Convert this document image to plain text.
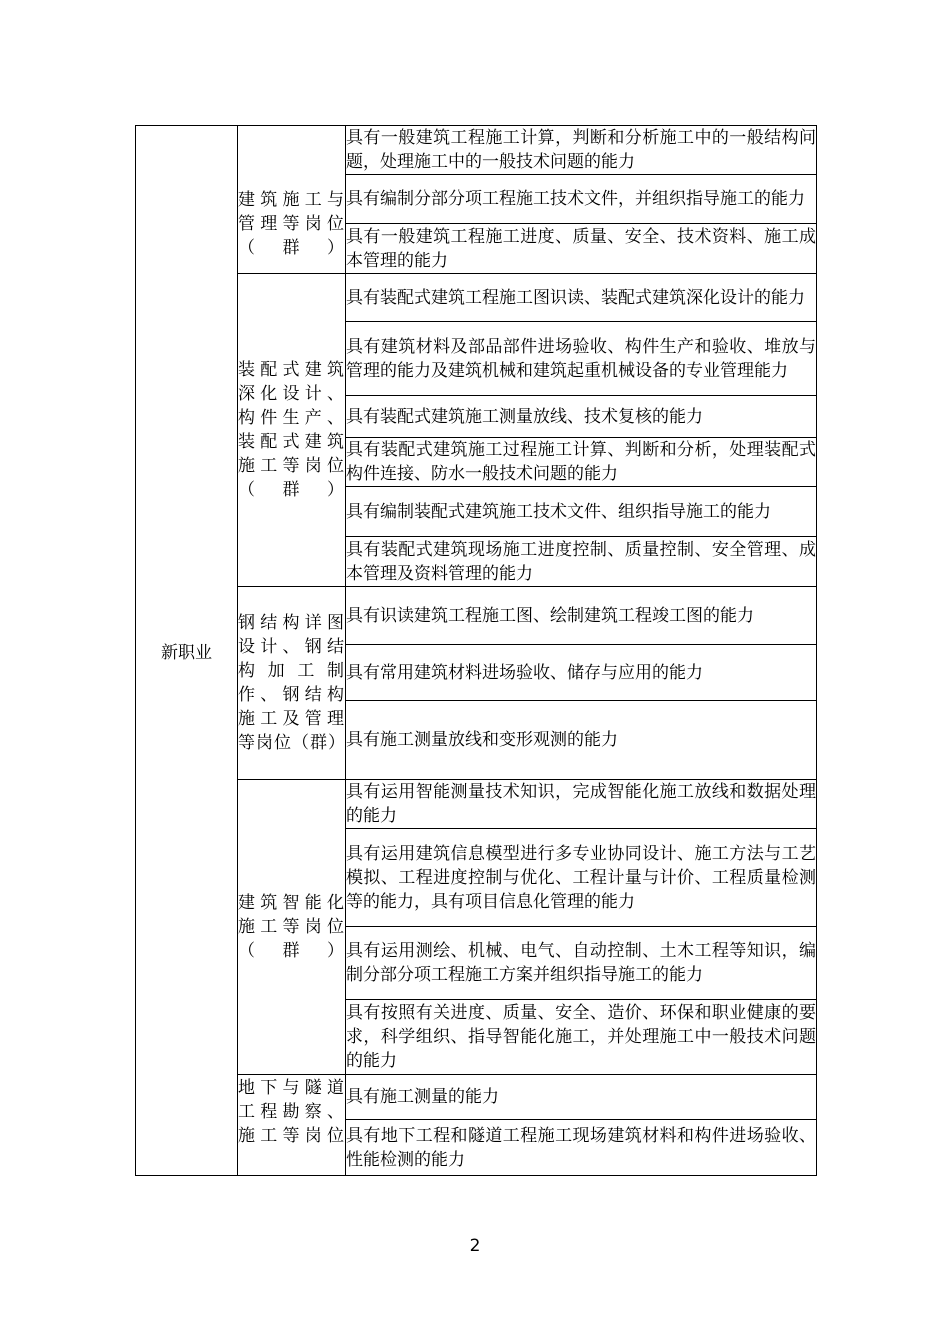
新职业	建筑施工与管理等岗位（群）	具有一般建筑工程施工计算，判断和分析施工中的一般结构问题，处理施工中的一般技术问题的能力
		具有编制分部分项工程施工技术文件，并组织指导施工的能力
		具有一般建筑工程施工进度、质量、安全、技术资料、施工成本管理的能力

	装配式建筑深化设计、构件生产、装配式建筑施工等岗位（群）	具有装配式建筑工程施工图识读、装配式建筑深化设计的能力
		具有建筑材料及部品部件进场验收、构件生产和验收、堆放与管理的能力及建筑机械和建筑起重机械设备的专业管理能力
		具有装配式建筑施工测量放线、技术复核的能力
		具有装配式建筑施工过程施工计算、判断和分析，处理装配式构件连接、防水一般技术问题的能力
		具有编制装配式建筑施工技术文件、组织指导施工的能力
		具有装配式建筑现场施工进度控制、质量控制、安全管理、成本管理及资料管理的能力

	钢结构详图设计、钢结构加工制作、钢结构施工及管理等岗位（群）	具有识读建筑工程施工图、绘制建筑工程竣工图的能力
		具有常用建筑材料进场验收、储存与应用的能力
		具有施工测量放线和变形观测的能力

	建筑智能化施工等岗位（群）	具有运用智能测量技术知识，完成智能化施工放线和数据处理的能力
		具有运用建筑信息模型进行多专业协同设计、施工方法与工艺模拟、工程进度控制与优化、工程计量与计价、工程质量检测等的能力，具有项目信息化管理的能力
		具有运用测绘、机械、电气、自动控制、土木工程等知识，编制分部分项工程施工方案并组织指导施工的能力
		具有按照有关进度、质量、安全、造价、环保和职业健康的要求，科学组织、指导智能化施工，并处理施工中一般技术问题的能力

	地下与隧道工程勘察、施工等岗位	具有施工测量的能力
		具有地下工程和隧道工程施工现场建筑材料和构件进场验收、性能检测的能力
2
